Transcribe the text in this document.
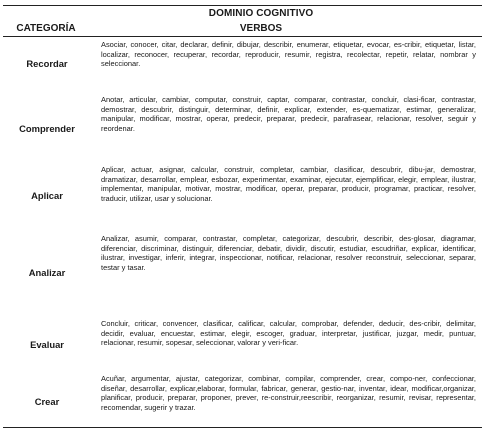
DOMINIO COGNITIVO
CATEGORÍA	VERBOS
Recordar
Asociar, conocer, citar, declarar, definir, dibujar, describir, enumerar, etiquetar, evocar, es-cribir, etiquetar, listar, localizar, reconocer, recuperar, recordar, reproducir, resumir, registra, recolectar, repetir, relatar, nombrar y seleccionar.
Comprender
Anotar, articular, cambiar, computar, construir, captar, comparar, contrastar, concluir, clasi-ficar, contrastar, demostrar, descubrir, distinguir, determinar, definir, explicar, extender, es-quematizar, estimar, generalizar, manipular, modificar, mostrar, operar, predecir, preparar, predecir, parafrasear, relacionar, resolver, seguir y reordenar.
Aplicar
Aplicar, actuar, asignar, calcular, construir, completar, cambiar, clasificar, descubrir, dibu-jar, demostrar, dramatizar, desarrollar, emplear, esbozar, experimentar, examinar, ejecutar, ejemplificar, elegir, emplear, ilustrar, implementar, manipular, motivar, mostrar, modificar, operar, preparar, producir, programar, practicar, resolver, traducir, utilizar, usar y solucionar.
Analizar
Analizar, asumir, comparar, contrastar, completar, categorizar, descubrir, describir, des-glosar, diagramar, diferenciar, discriminar, distinguir, diferenciar, debatir, dividir, discutir, estudiar, escudriñar, explicar, identificar, ilustrar, investigar, inferir, integrar, inspeccionar, notificar, relacionar, resolver reconstruir, seleccionar, separar, testar y tasar.
Evaluar
Concluir, criticar, convencer, clasificar, calificar, calcular, comprobar, defender, deducir, des-cribir, delimitar, decidir, evaluar, encuestar, estimar, elegir, escoger, graduar, interpretar, justificar, juzgar, medir, puntuar, relacionar, resumir, sopesar, seleccionar, valorar y veri-ficar.
Crear
Acuñar, argumentar, ajustar, categorizar, combinar, compilar, comprender, crear, compo-ner, confeccionar, diseñar, desarrollar, explicar,elaborar, formular, fabricar, generar, gestio-nar, inventar, idear, modificar,organizar, planificar, producir, preparar, proponer, prever, re-construir,reescribir, reorganizar, resumir, revisar, representar, recomendar, sugerir y trazar.
